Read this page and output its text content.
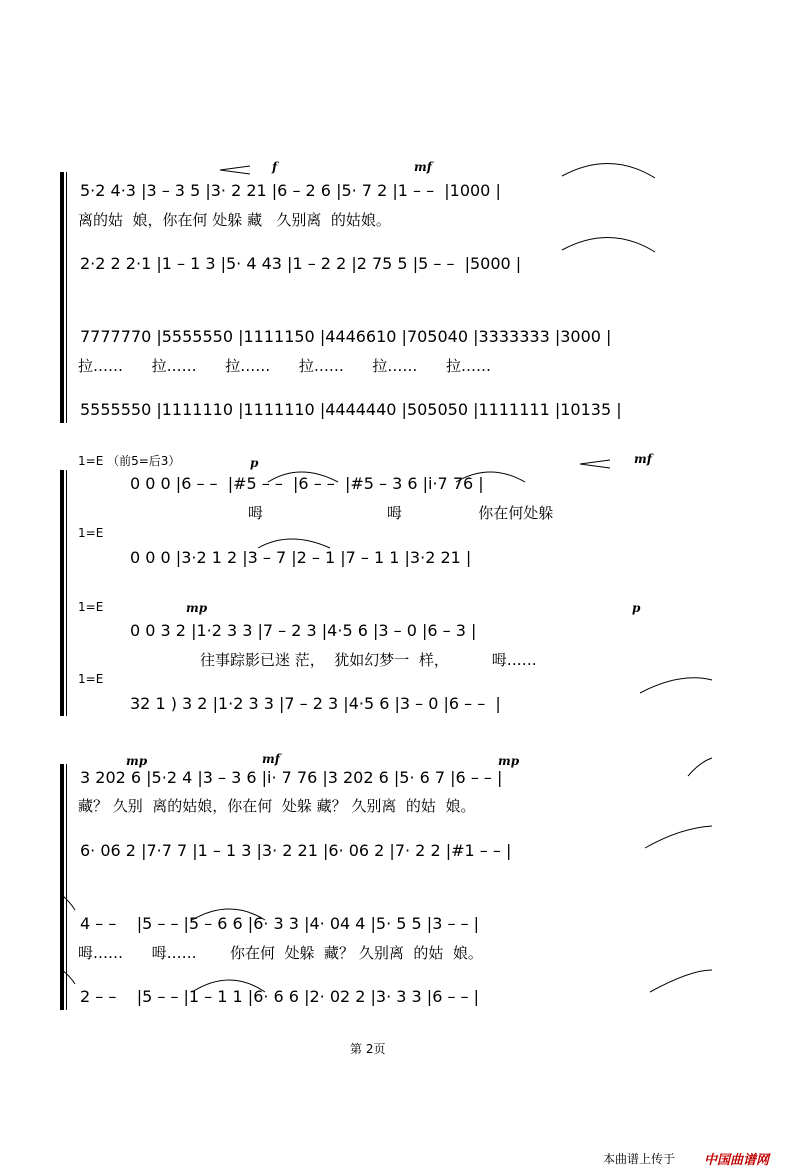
f	mf
5·2 4·3 |3 – 3 5 |3· 2 21 |6 – 2 6 |5· 7 2 |1 – –  |1000 |
离的姑  娘，你在何 处躲 藏   久别离  的姑娘。
2·2 2 2·1 |1 – 1 3 |5· 4 43 |1 – 2 2 |2 75 5 |5 – –  |5000 |
7777770 |5555550 |1111150 |4446610 |705040 |3333333 |3000 |
拉……      拉……      拉……      拉……      拉……      拉……
5555550 |1111110 |1111110 |4444440 |505050 |1111111 |10135 |
1=E （前5=后3）
1=E
1=E
1=E
p	mf
mp	p
0 0 0 |6 – –  |#5 – –  |6 – –  |#5 – 3 6 |i·7 76 |
呣                          呣                你在何处躲
0 0 0 |3·2 1 2 |3 – 7 |2 – 1 |7 – 1 1 |3·2 21 |
0 0 3 2 |1·2 3 3 |7 – 2 3 |4·5 6 |3 – 0 |6 – 3 |
往事踪影已迷 茫，  犹如幻梦一  样，         呣……
32 1 ) 3 2 |1·2 3 3 |7 – 2 3 |4·5 6 |3 – 0 |6 – –  |
mp	mf	mp
3 202 6 |5·2 4 |3 – 3 6 |i· 7 76 |3 202 6 |5· 6 7 |6 – – |
藏？ 久别  离的姑娘，你在何  处躲 藏？ 久别离  的姑  娘。
6· 06 2 |7·7 7 |1 – 1 3 |3· 2 21 |6· 06 2 |7· 2 2 |#1 – – |
4 – –    |5 – – |5 – 6 6 |6· 3 3 |4· 04 4 |5· 5 5 |3 – – |
呣……      呣……       你在何  处躲  藏？ 久别离  的姑  娘。
2 – –    |5 – – |1 – 1 1 |6· 6 6 |2· 02 2 |3· 3 3 |6 – – |
第 2页
本曲谱上传于 中国曲谱网
